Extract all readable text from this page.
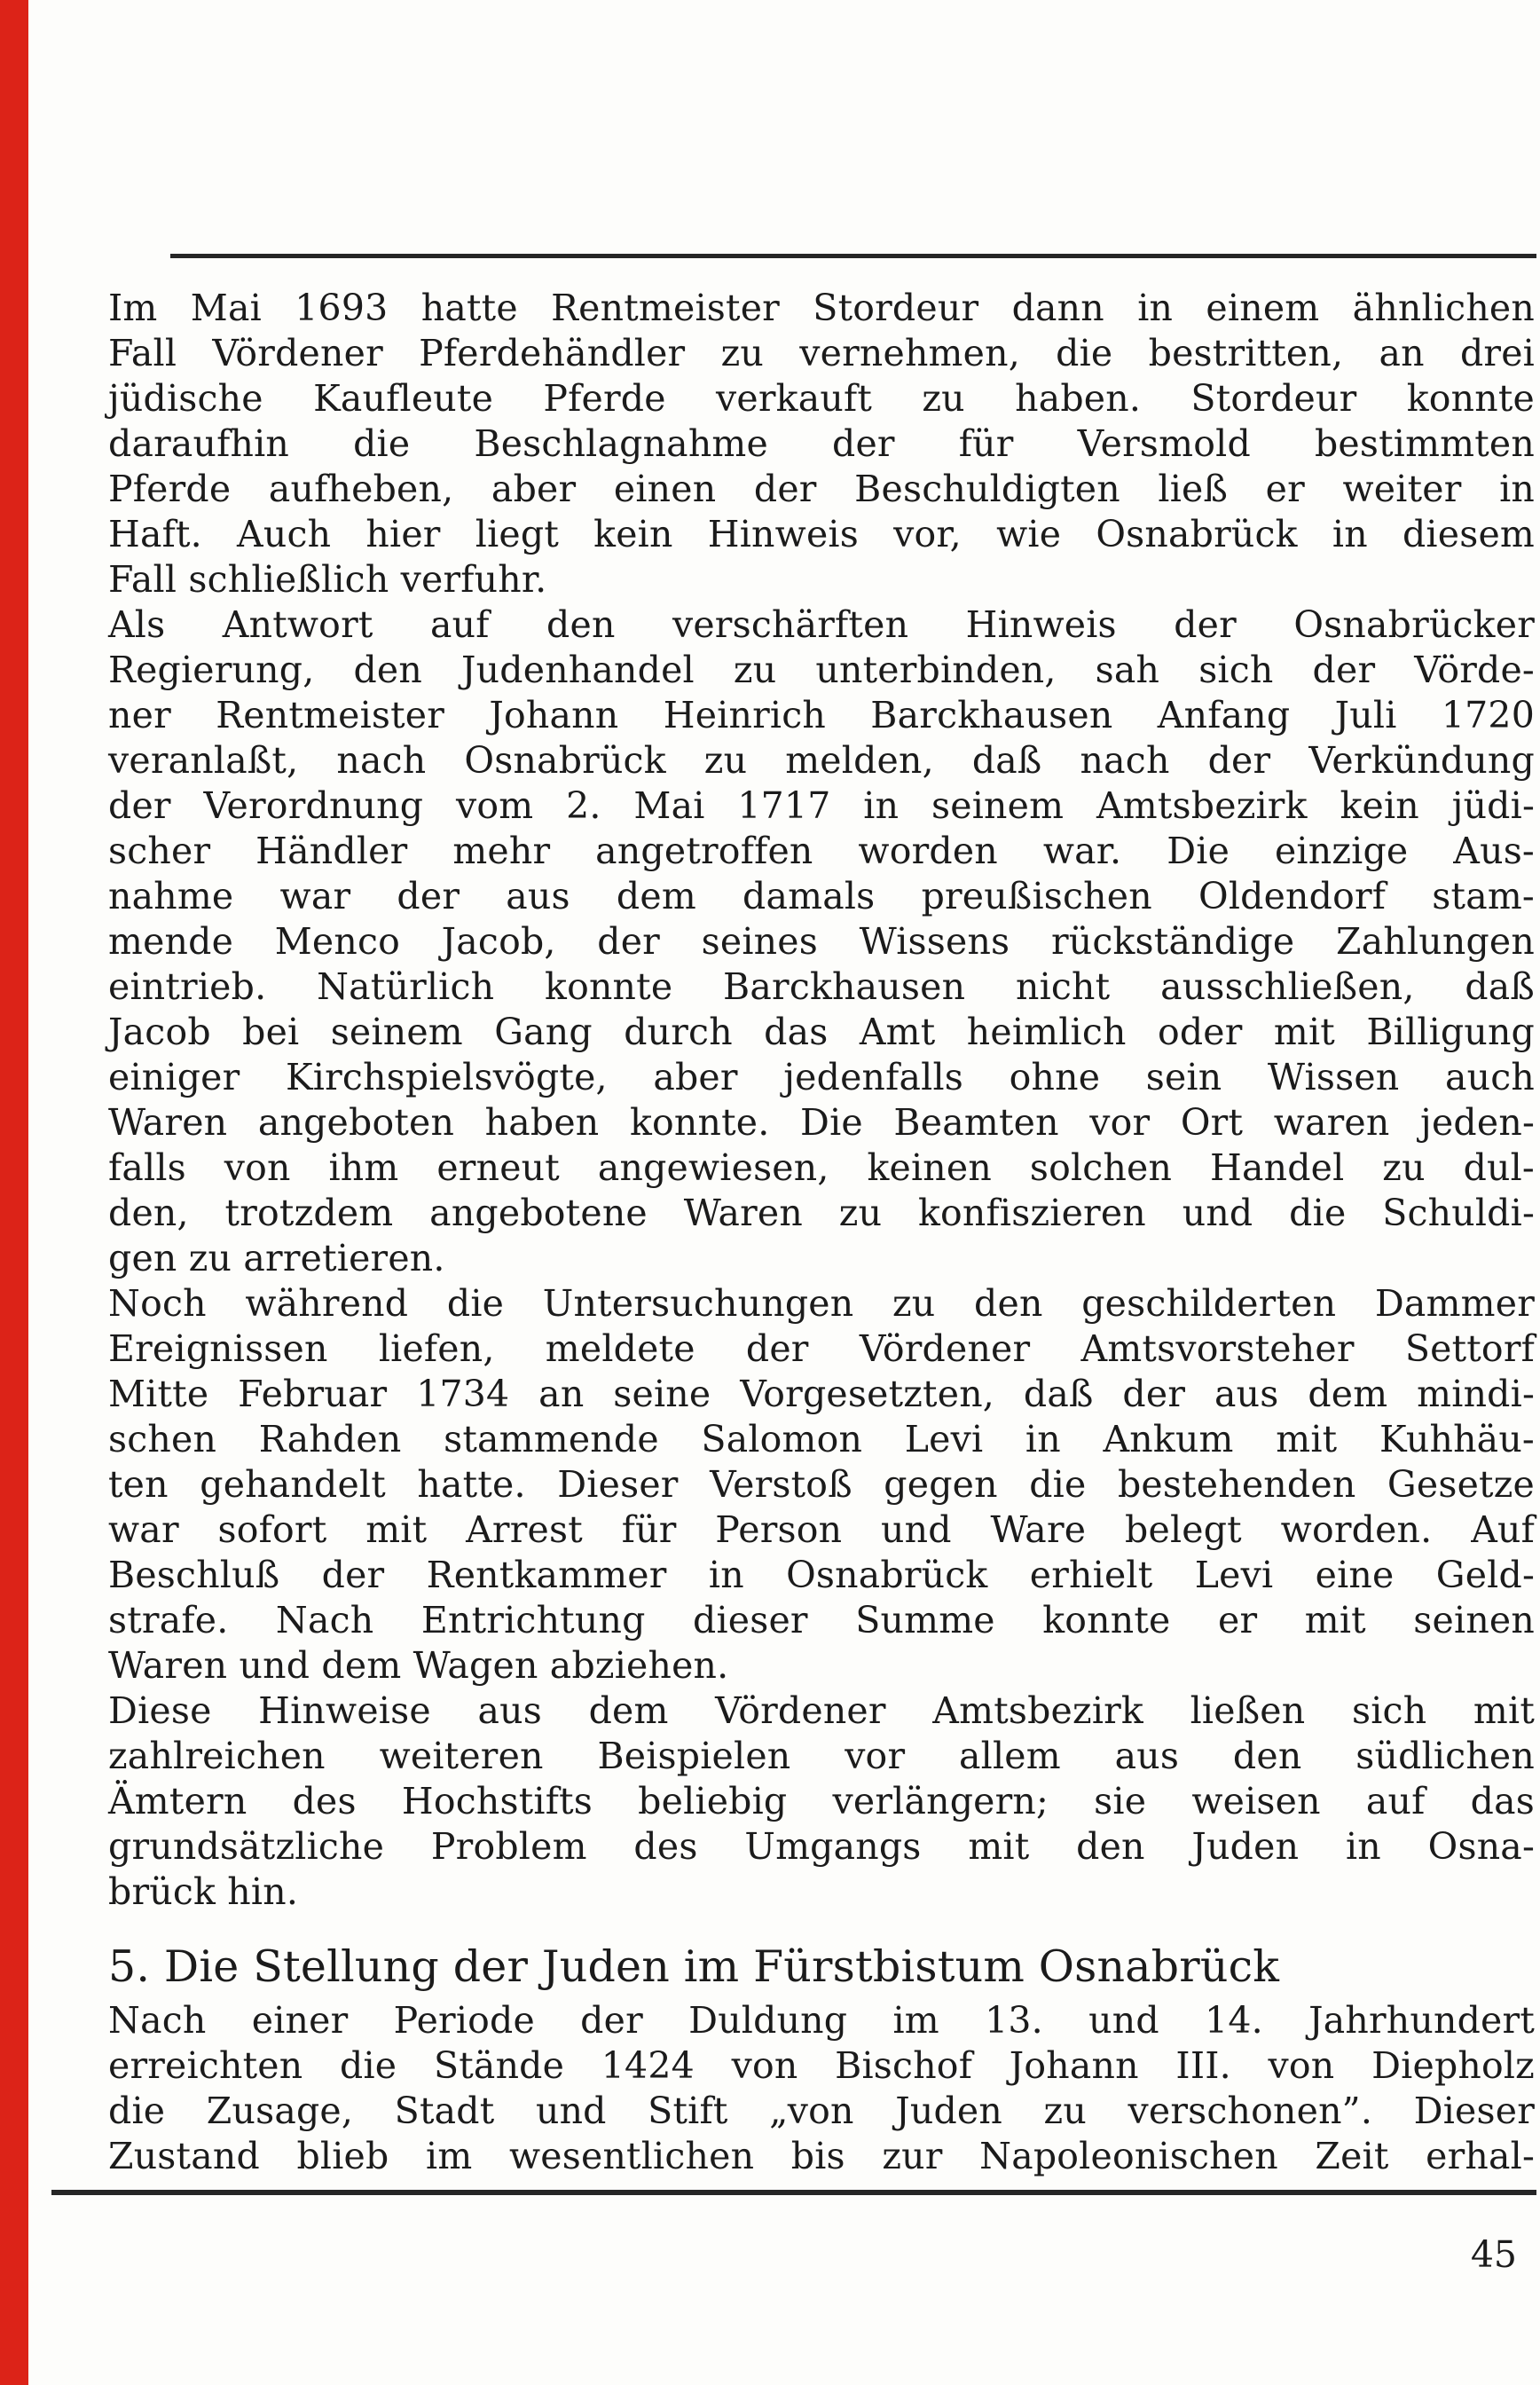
Im Mai 1693 hatte Rentmeister Stordeur dann in einem ähnlichen
Fall Vördener Pferdehändler zu vernehmen, die bestritten, an drei
jüdische Kaufleute Pferde verkauft zu haben. Stordeur konnte
daraufhin die Beschlagnahme der für Versmold bestimmten
Pferde aufheben, aber einen der Beschuldigten ließ er weiter in
Haft. Auch hier liegt kein Hinweis vor, wie Osnabrück in diesem
Fall schließlich verfuhr.
Als Antwort auf den verschärften Hinweis der Osnabrücker
Regierung, den Judenhandel zu unterbinden, sah sich der Vörde-
ner Rentmeister Johann Heinrich Barckhausen Anfang Juli 1720
veranlaßt, nach Osnabrück zu melden, daß nach der Verkündung
der Verordnung vom 2. Mai 1717 in seinem Amtsbezirk kein jüdi-
scher Händler mehr angetroffen worden war. Die einzige Aus-
nahme war der aus dem damals preußischen Oldendorf stam-
mende Menco Jacob, der seines Wissens rückständige Zahlungen
eintrieb. Natürlich konnte Barckhausen nicht ausschließen, daß
Jacob bei seinem Gang durch das Amt heimlich oder mit Billigung
einiger Kirchspielsvögte, aber jedenfalls ohne sein Wissen auch
Waren angeboten haben konnte. Die Beamten vor Ort waren jeden-
falls von ihm erneut angewiesen, keinen solchen Handel zu dul-
den, trotzdem angebotene Waren zu konfiszieren und die Schuldi-
gen zu arretieren.
Noch während die Untersuchungen zu den geschilderten Dammer
Ereignissen liefen, meldete der Vördener Amtsvorsteher Settorf
Mitte Februar 1734 an seine Vorgesetzten, daß der aus dem mindi-
schen Rahden stammende Salomon Levi in Ankum mit Kuhhäu-
ten gehandelt hatte. Dieser Verstoß gegen die bestehenden Gesetze
war sofort mit Arrest für Person und Ware belegt worden. Auf
Beschluß der Rentkammer in Osnabrück erhielt Levi eine Geld-
strafe. Nach Entrichtung dieser Summe konnte er mit seinen
Waren und dem Wagen abziehen.
Diese Hinweise aus dem Vördener Amtsbezirk ließen sich mit
zahlreichen weiteren Beispielen vor allem aus den südlichen
Ämtern des Hochstifts beliebig verlängern; sie weisen auf das
grundsätzliche Problem des Umgangs mit den Juden in Osna-
brück hin.
5. Die Stellung der Juden im Fürstbistum Osnabrück
Nach einer Periode der Duldung im 13. und 14. Jahrhundert
erreichten die Stände 1424 von Bischof Johann III. von Diepholz
die Zusage, Stadt und Stift „von Juden zu verschonen”. Dieser
Zustand blieb im wesentlichen bis zur Napoleonischen Zeit erhal-
45
